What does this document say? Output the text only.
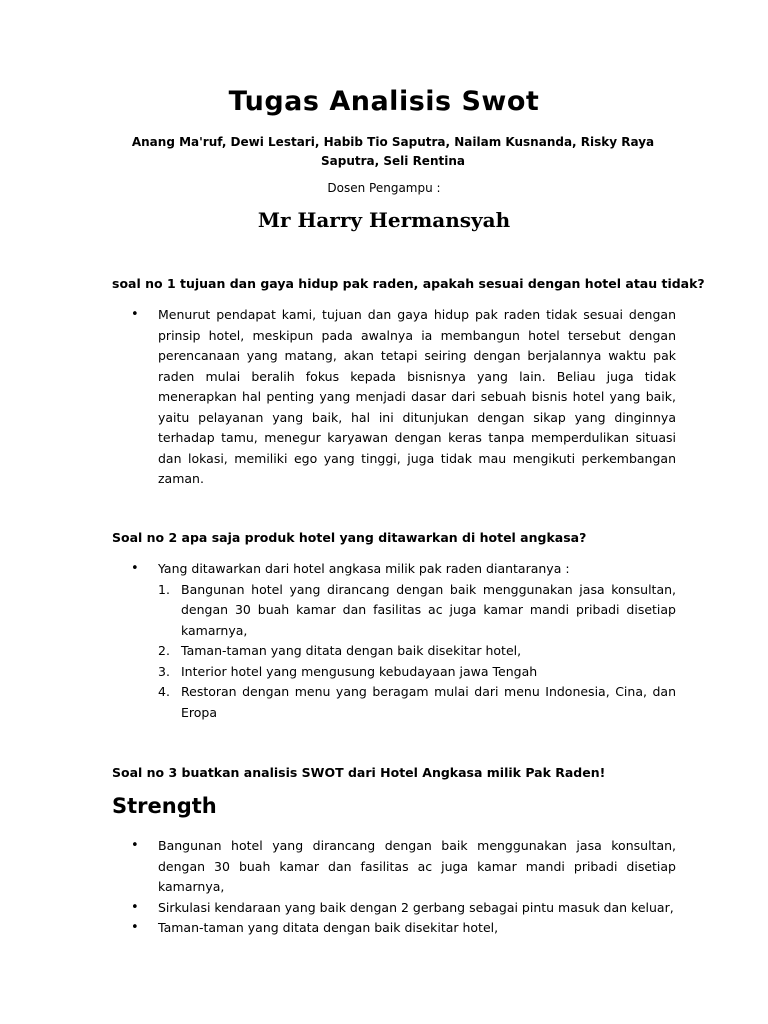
Tugas Analisis Swot
Anang Ma'ruf, Dewi Lestari, Habib Tio Saputra, Nailam Kusnanda, Risky Raya Saputra, Seli Rentina
Dosen Pengampu :
Mr Harry Hermansyah
soal no 1 tujuan dan gaya hidup pak raden, apakah sesuai dengan hotel atau tidak?
• Menurut pendapat kami, tujuan dan gaya hidup pak raden tidak sesuai dengan prinsip hotel, meskipun pada awalnya ia membangun hotel tersebut dengan perencanaan yang matang, akan tetapi seiring dengan berjalannya waktu pak raden mulai beralih fokus kepada bisnisnya yang lain. Beliau juga tidak menerapkan hal penting yang menjadi dasar dari sebuah bisnis hotel yang baik, yaitu pelayanan yang baik, hal ini ditunjukan dengan sikap yang dinginnya terhadap tamu, menegur karyawan dengan keras tanpa memperdulikan situasi dan lokasi, memiliki ego yang tinggi, juga tidak mau mengikuti perkembangan zaman.
Soal no 2 apa saja produk hotel yang ditawarkan di hotel angkasa?
• Yang ditawarkan dari hotel angkasa milik pak raden diantaranya :
1. Bangunan hotel yang dirancang dengan baik menggunakan jasa konsultan, dengan 30 buah kamar dan fasilitas ac juga kamar mandi pribadi disetiap kamarnya,
2. Taman-taman yang ditata dengan baik disekitar hotel,
3. Interior hotel yang mengusung kebudayaan jawa Tengah
4. Restoran dengan menu yang beragam mulai dari menu Indonesia, Cina, dan Eropa
Soal no 3 buatkan analisis SWOT dari Hotel Angkasa milik Pak Raden!
Strength
• Bangunan hotel yang dirancang dengan baik menggunakan jasa konsultan, dengan 30 buah kamar dan fasilitas ac juga kamar mandi pribadi disetiap kamarnya,
• Sirkulasi kendaraan yang baik dengan 2 gerbang sebagai pintu masuk dan keluar,
• Taman-taman yang ditata dengan baik disekitar hotel,
